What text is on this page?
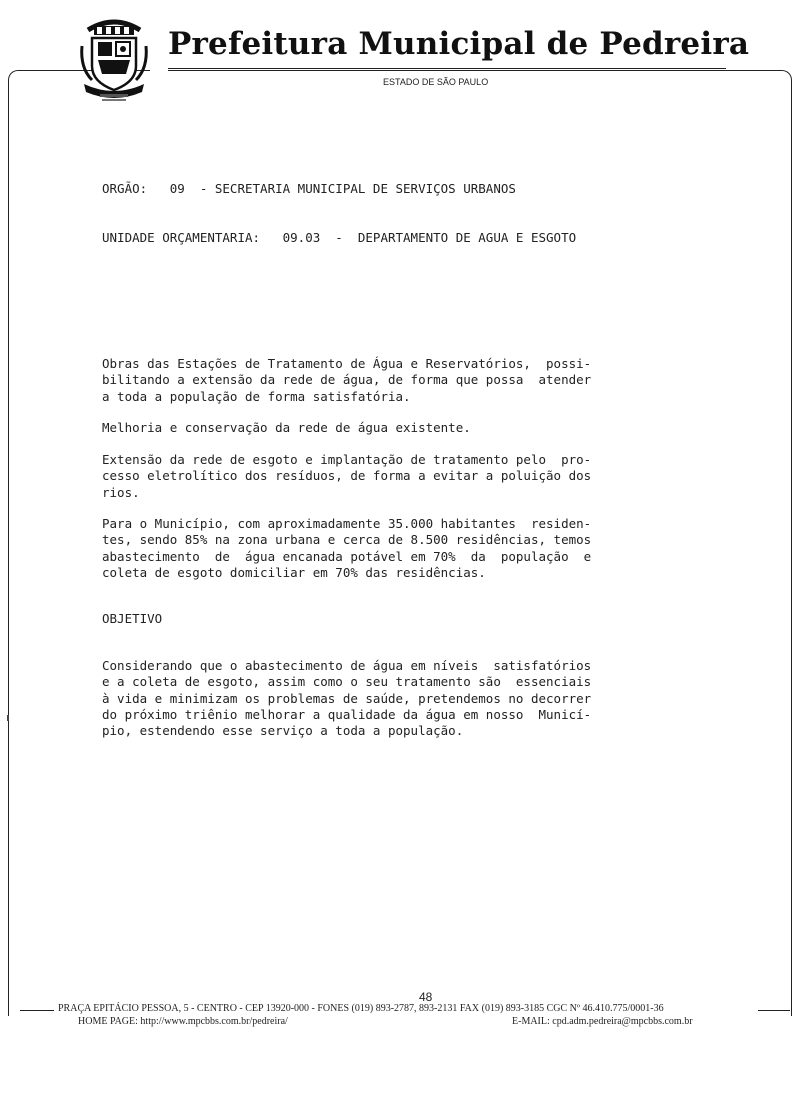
Prefeitura Municipal de Pedreira
ESTADO DE SÃO PAULO
ORGÃO:   09  - SECRETARIA MUNICIPAL DE SERVIÇOS URBANOS
UNIDADE ORÇAMENTARIA:   09.03  -  DEPARTAMENTO DE AGUA E ESGOTO
Obras das Estações de Tratamento de Água e Reservatórios,  possi-
bilitando a extensão da rede de água, de forma que possa  atender
a toda a população de forma satisfatória.
Melhoria e conservação da rede de água existente.
Extensão da rede de esgoto e implantação de tratamento pelo  pro-
cesso eletrolítico dos resíduos, de forma a evitar a poluição dos
rios.
Para o Município, com aproximadamente 35.000 habitantes  residen-
tes, sendo 85% na zona urbana e cerca de 8.500 residências, temos
abastecimento  de  água encanada potável em 70%  da  população  e
coleta de esgoto domiciliar em 70% das residências.
OBJETIVO
Considerando que o abastecimento de água em níveis  satisfatórios
e a coleta de esgoto, assim como o seu tratamento são  essenciais
à vida e minimizam os problemas de saúde, pretendemos no decorrer
do próximo triênio melhorar a qualidade da água em nosso  Municí-
pio, estendendo esse serviço a toda a população.
48
PRAÇA EPITÁCIO PESSOA, 5 - CENTRO - CEP 13920-000 - FONES (019) 893-2787, 893-2131 FAX (019) 893-3185 CGC Nº 46.410.775/0001-36
HOME PAGE: http://www.mpcbbs.com.br/pedreira/	E-MAIL: cpd.adm.pedreira@mpcbbs.com.br
